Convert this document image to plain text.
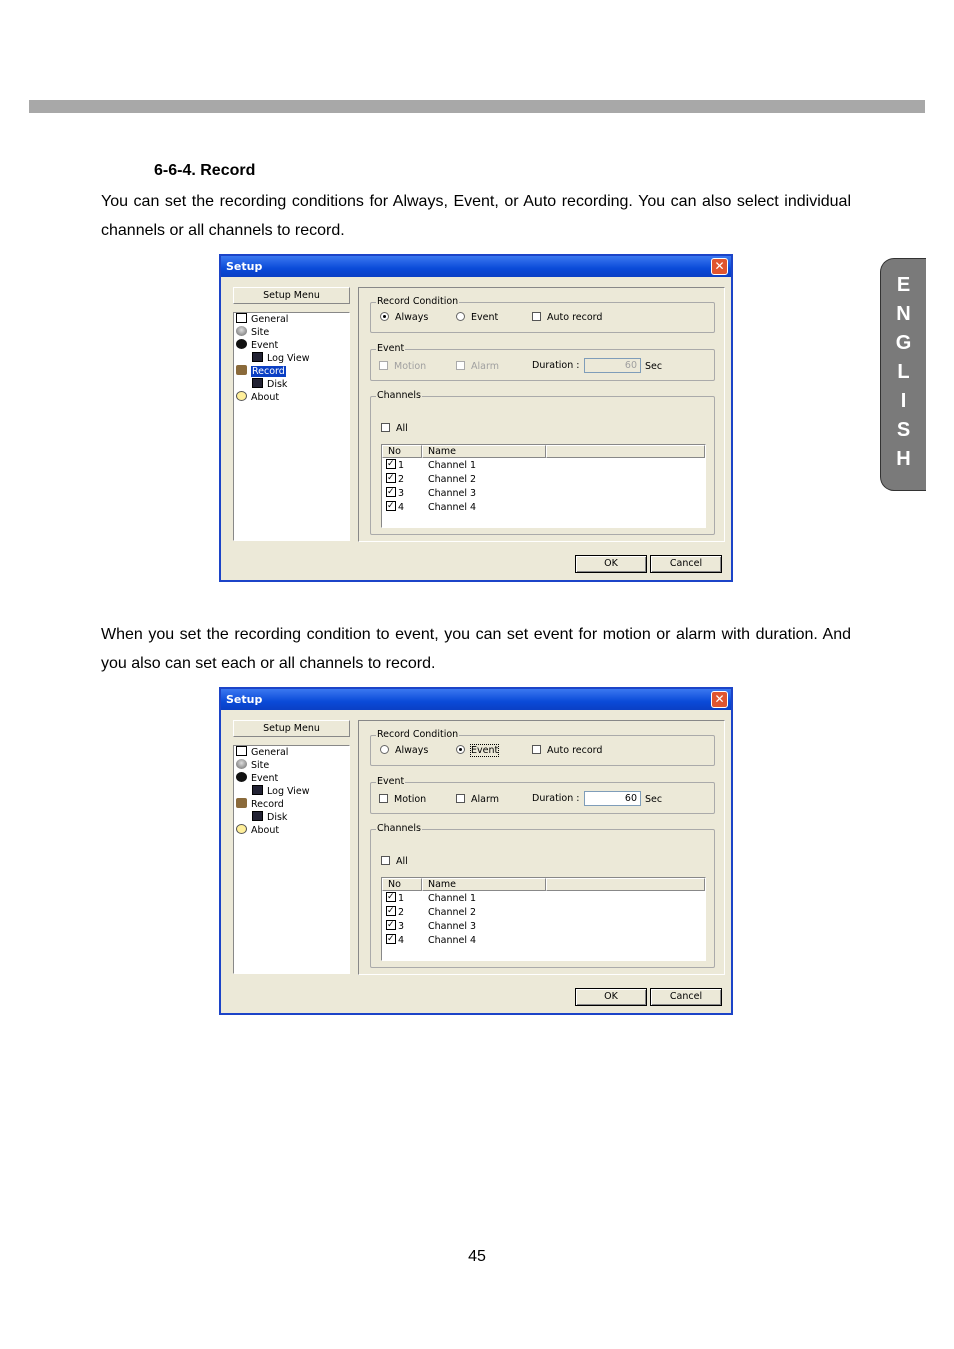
6-6-4. Record
You can set the recording conditions for Always, Event, or Auto recording. You can also select individual channels or all channels to record.
E
N
G
L
I
S
H
Setup	✕
Setup Menu
General
Site
Event
Log View
Record
Disk
About
Record Condition
Always	Event	Auto record
Event
Motion	Alarm	Duration :	60 Sec
Channels
All
No	Name
✓1	Channel 1
✓2	Channel 2
✓3	Channel 3
✓4	Channel 4
OK	Cancel
When you set the recording condition to event, you can set event for motion or alarm with duration. And you also can set each or all channels to record.
Setup	✕
Setup Menu
General
Site
Event
Log View
Record
Disk
About
Record Condition
Always	Event	Auto record
Event
Motion	Alarm	Duration :	60 Sec
Channels
All
No	Name
✓1	Channel 1
✓2	Channel 2
✓3	Channel 3
✓4	Channel 4
OK	Cancel
45
